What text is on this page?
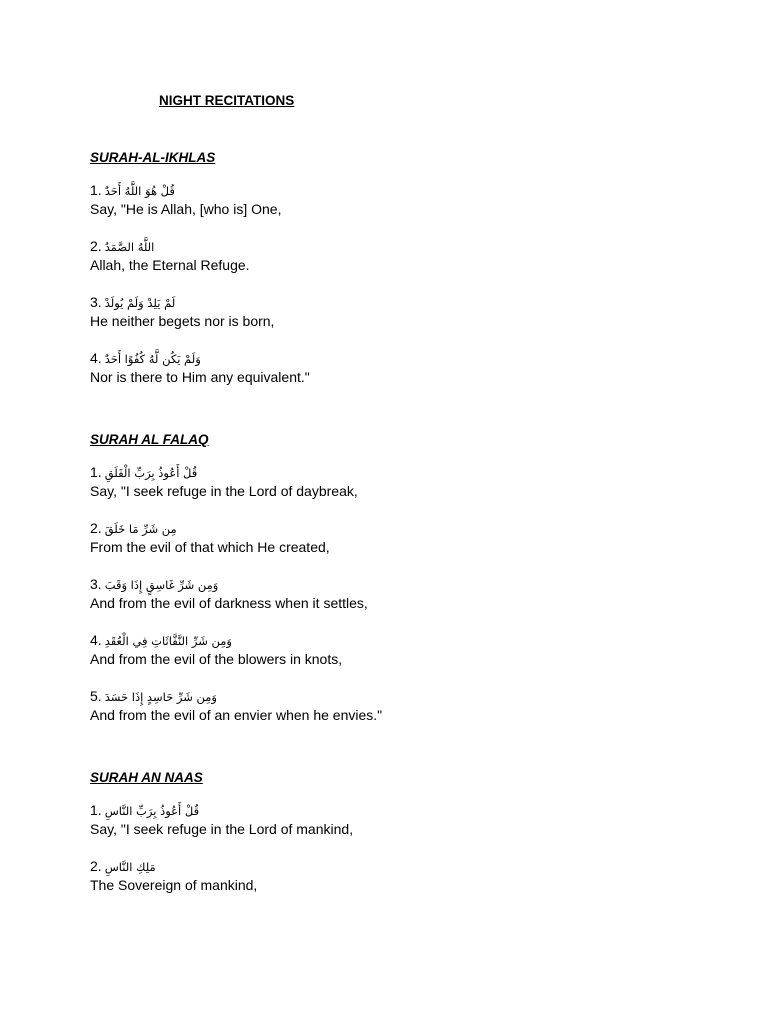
NIGHT RECITATIONS
SURAH-AL-IKHLAS
1. قُلْ هُوَ اللَّهُ أَحَدٌ
Say, "He is Allah, [who is] One,
2. اللَّهُ الصَّمَدُ
Allah, the Eternal Refuge.
3. لَمْ يَلِدْ وَلَمْ يُولَدْ
He neither begets nor is born,
4. وَلَمْ يَكُن لَّهُ كُفُوًا أَحَدٌ
Nor is there to Him any equivalent."
SURAH AL FALAQ
1. قُلْ أَعُوذُ بِرَبِّ الْفَلَقِ
Say, "I seek refuge in the Lord of daybreak,
2. مِن شَرِّ مَا خَلَقَ
From the evil of that which He created,
3. وَمِن شَرِّ غَاسِقٍ إِذَا وَقَبَ
And from the evil of darkness when it settles,
4. وَمِن شَرِّ النَّفَّاثَاتِ فِي الْعُقَدِ
And from the evil of the blowers in knots,
5. وَمِن شَرِّ حَاسِدٍ إِذَا حَسَدَ
And from the evil of an envier when he envies."
SURAH AN NAAS
1. قُلْ أَعُوذُ بِرَبِّ النَّاسِ
Say, "I seek refuge in the Lord of mankind,
2. مَلِكِ النَّاسِ
The Sovereign of mankind,
